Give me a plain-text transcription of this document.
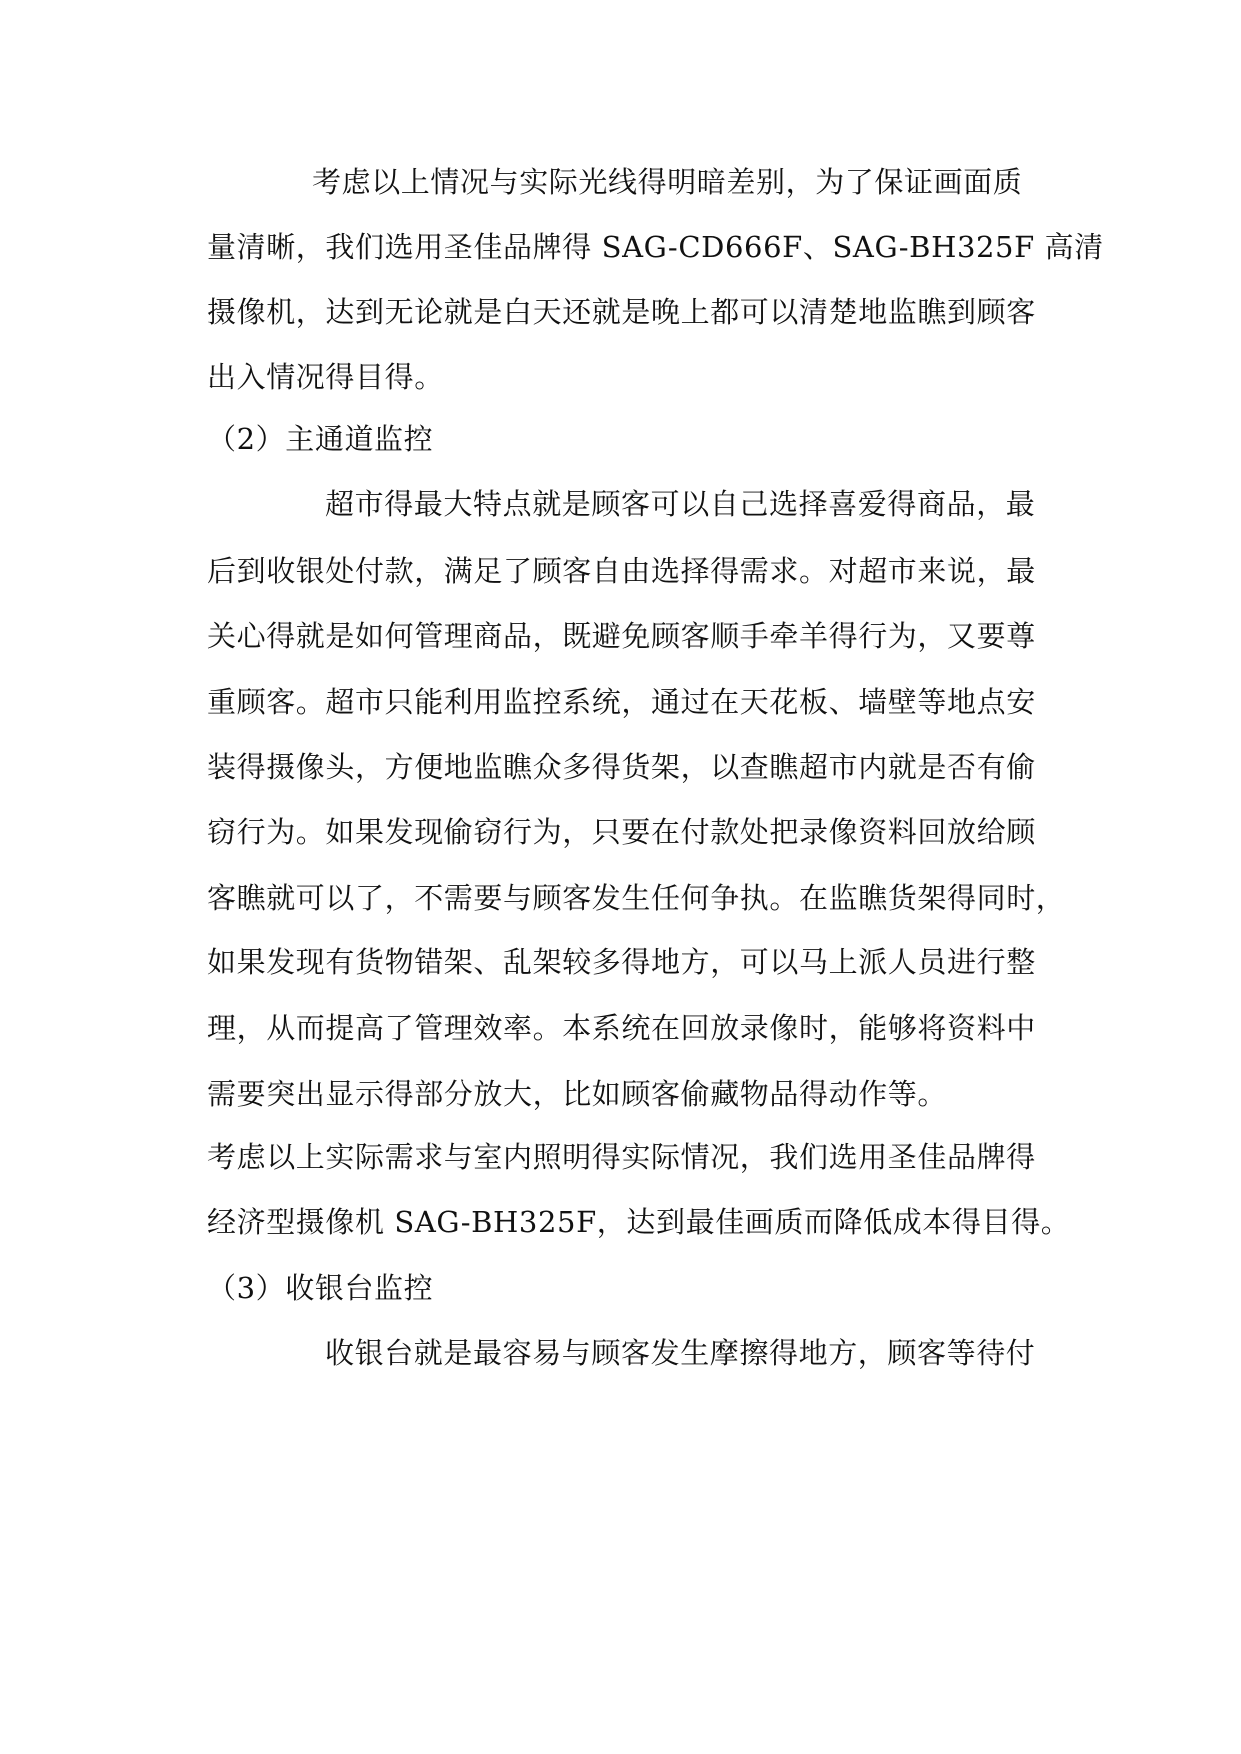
考虑以上情况与实际光线得明暗差别，为了保证画面质
量清晰，我们选用圣佳品牌得 SAG-CD666F、SAG-BH325F 高清
摄像机，达到无论就是白天还就是晚上都可以清楚地监瞧到顾客
出入情况得目得。
（2）主通道监控
超市得最大特点就是顾客可以自己选择喜爱得商品，最
后到收银处付款，满足了顾客自由选择得需求。对超市来说，最
关心得就是如何管理商品，既避免顾客顺手牵羊得行为，又要尊
重顾客。超市只能利用监控系统，通过在天花板、墙壁等地点安
装得摄像头，方便地监瞧众多得货架，以查瞧超市内就是否有偷
窃行为。如果发现偷窃行为，只要在付款处把录像资料回放给顾
客瞧就可以了，不需要与顾客发生任何争执。在监瞧货架得同时，
如果发现有货物错架、乱架较多得地方，可以马上派人员进行整
理，从而提高了管理效率。本系统在回放录像时，能够将资料中
需要突出显示得部分放大，比如顾客偷藏物品得动作等。
考虑以上实际需求与室内照明得实际情况，我们选用圣佳品牌得
经济型摄像机 SAG-BH325F，达到最佳画质而降低成本得目得。
（3）收银台监控
收银台就是最容易与顾客发生摩擦得地方，顾客等待付
